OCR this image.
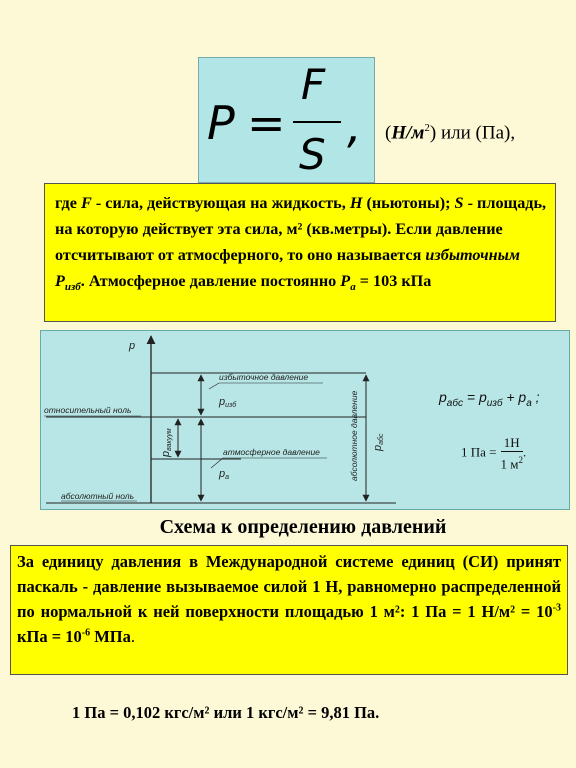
P =
F
S
, $(Н/м^2)$ или (Па),
где F - сила, действующая на жидкость, Н (ньютоны); S - площадь, на которую действует эта сила, м² (кв.метры). Если давление отсчитывают от атмосферного, то оно называется избыточным $P_{изб}$. Атмосферное давление постоянно $P_а = 103$ кПа
p
относительный ноль
абсолютный ноль
избыточное давление
pизб
pвакуум
атмосферное давление
pа	абсолютное давление pабс
$p_{абс} = p_{изб} + p_а$ ;
1 Па = $\frac{1Н}{1 м^2}$ .
Схема к определению давлений
За единицу давления в Международной системе единиц (СИ) принят паскаль - давление вызываемое силой 1 Н, равномерно распределенной по нормальной к ней поверхности площадью 1 м²: 1 Па = 1 $Н/м^2 = 10^{-3}$ кПа = $10^{-6}$ МПа.
1 Па = 0,102 кгс/м² или 1 кгс/м² = 9,81 Па.
